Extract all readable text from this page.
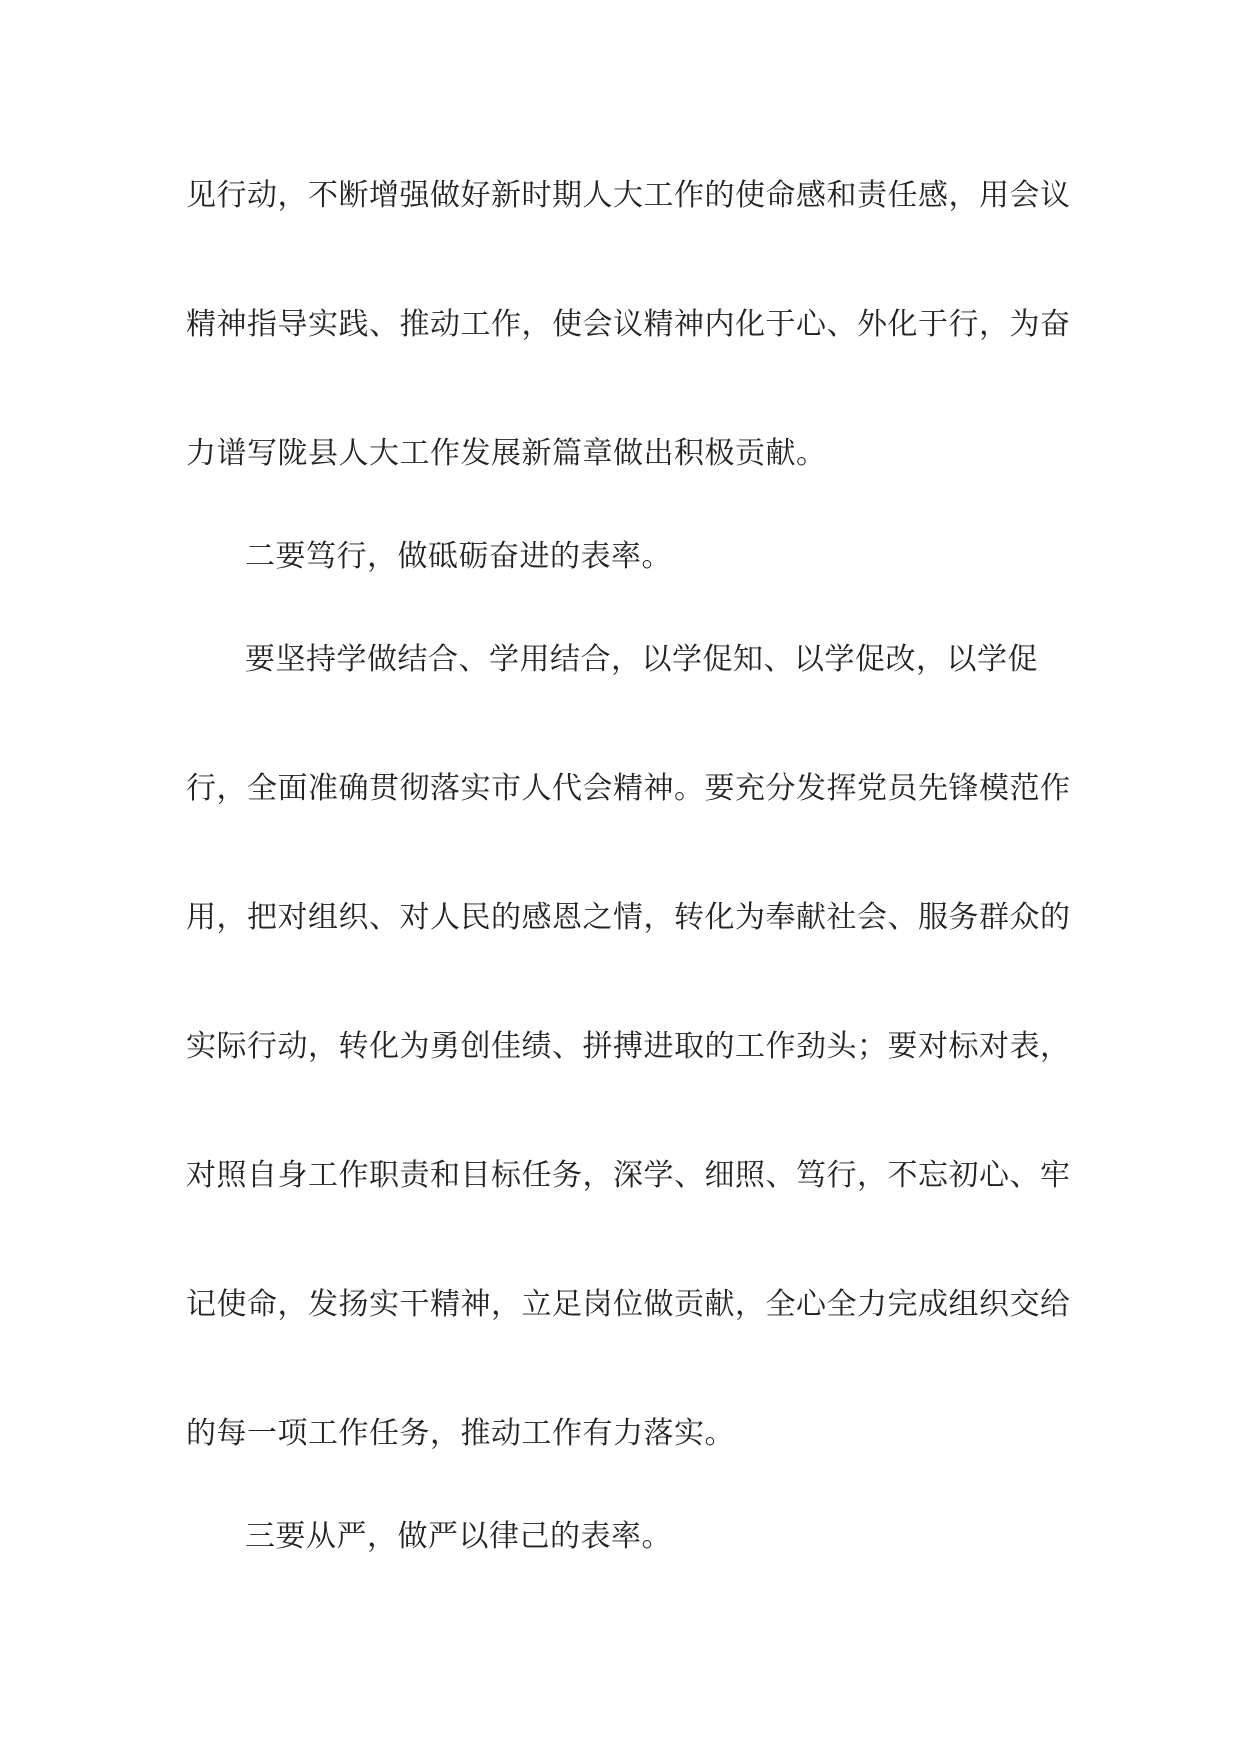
见行动，不断增强做好新时期人大工作的使命感和责任感，用会议
精神指导实践、推动工作，使会议精神内化于心、外化于行，为奋
力谱写陇县人大工作发展新篇章做出积极贡献。
二要笃行，做砥砺奋进的表率。
要坚持学做结合、学用结合，以学促知、以学促改，以学促
行，全面准确贯彻落实市人代会精神。要充分发挥党员先锋模范作
用，把对组织、对人民的感恩之情，转化为奉献社会、服务群众的
实际行动，转化为勇创佳绩、拼搏进取的工作劲头；要对标对表，
对照自身工作职责和目标任务，深学、细照、笃行，不忘初心、牢
记使命，发扬实干精神，立足岗位做贡献，全心全力完成组织交给
的每一项工作任务，推动工作有力落实。
三要从严，做严以律己的表率。
